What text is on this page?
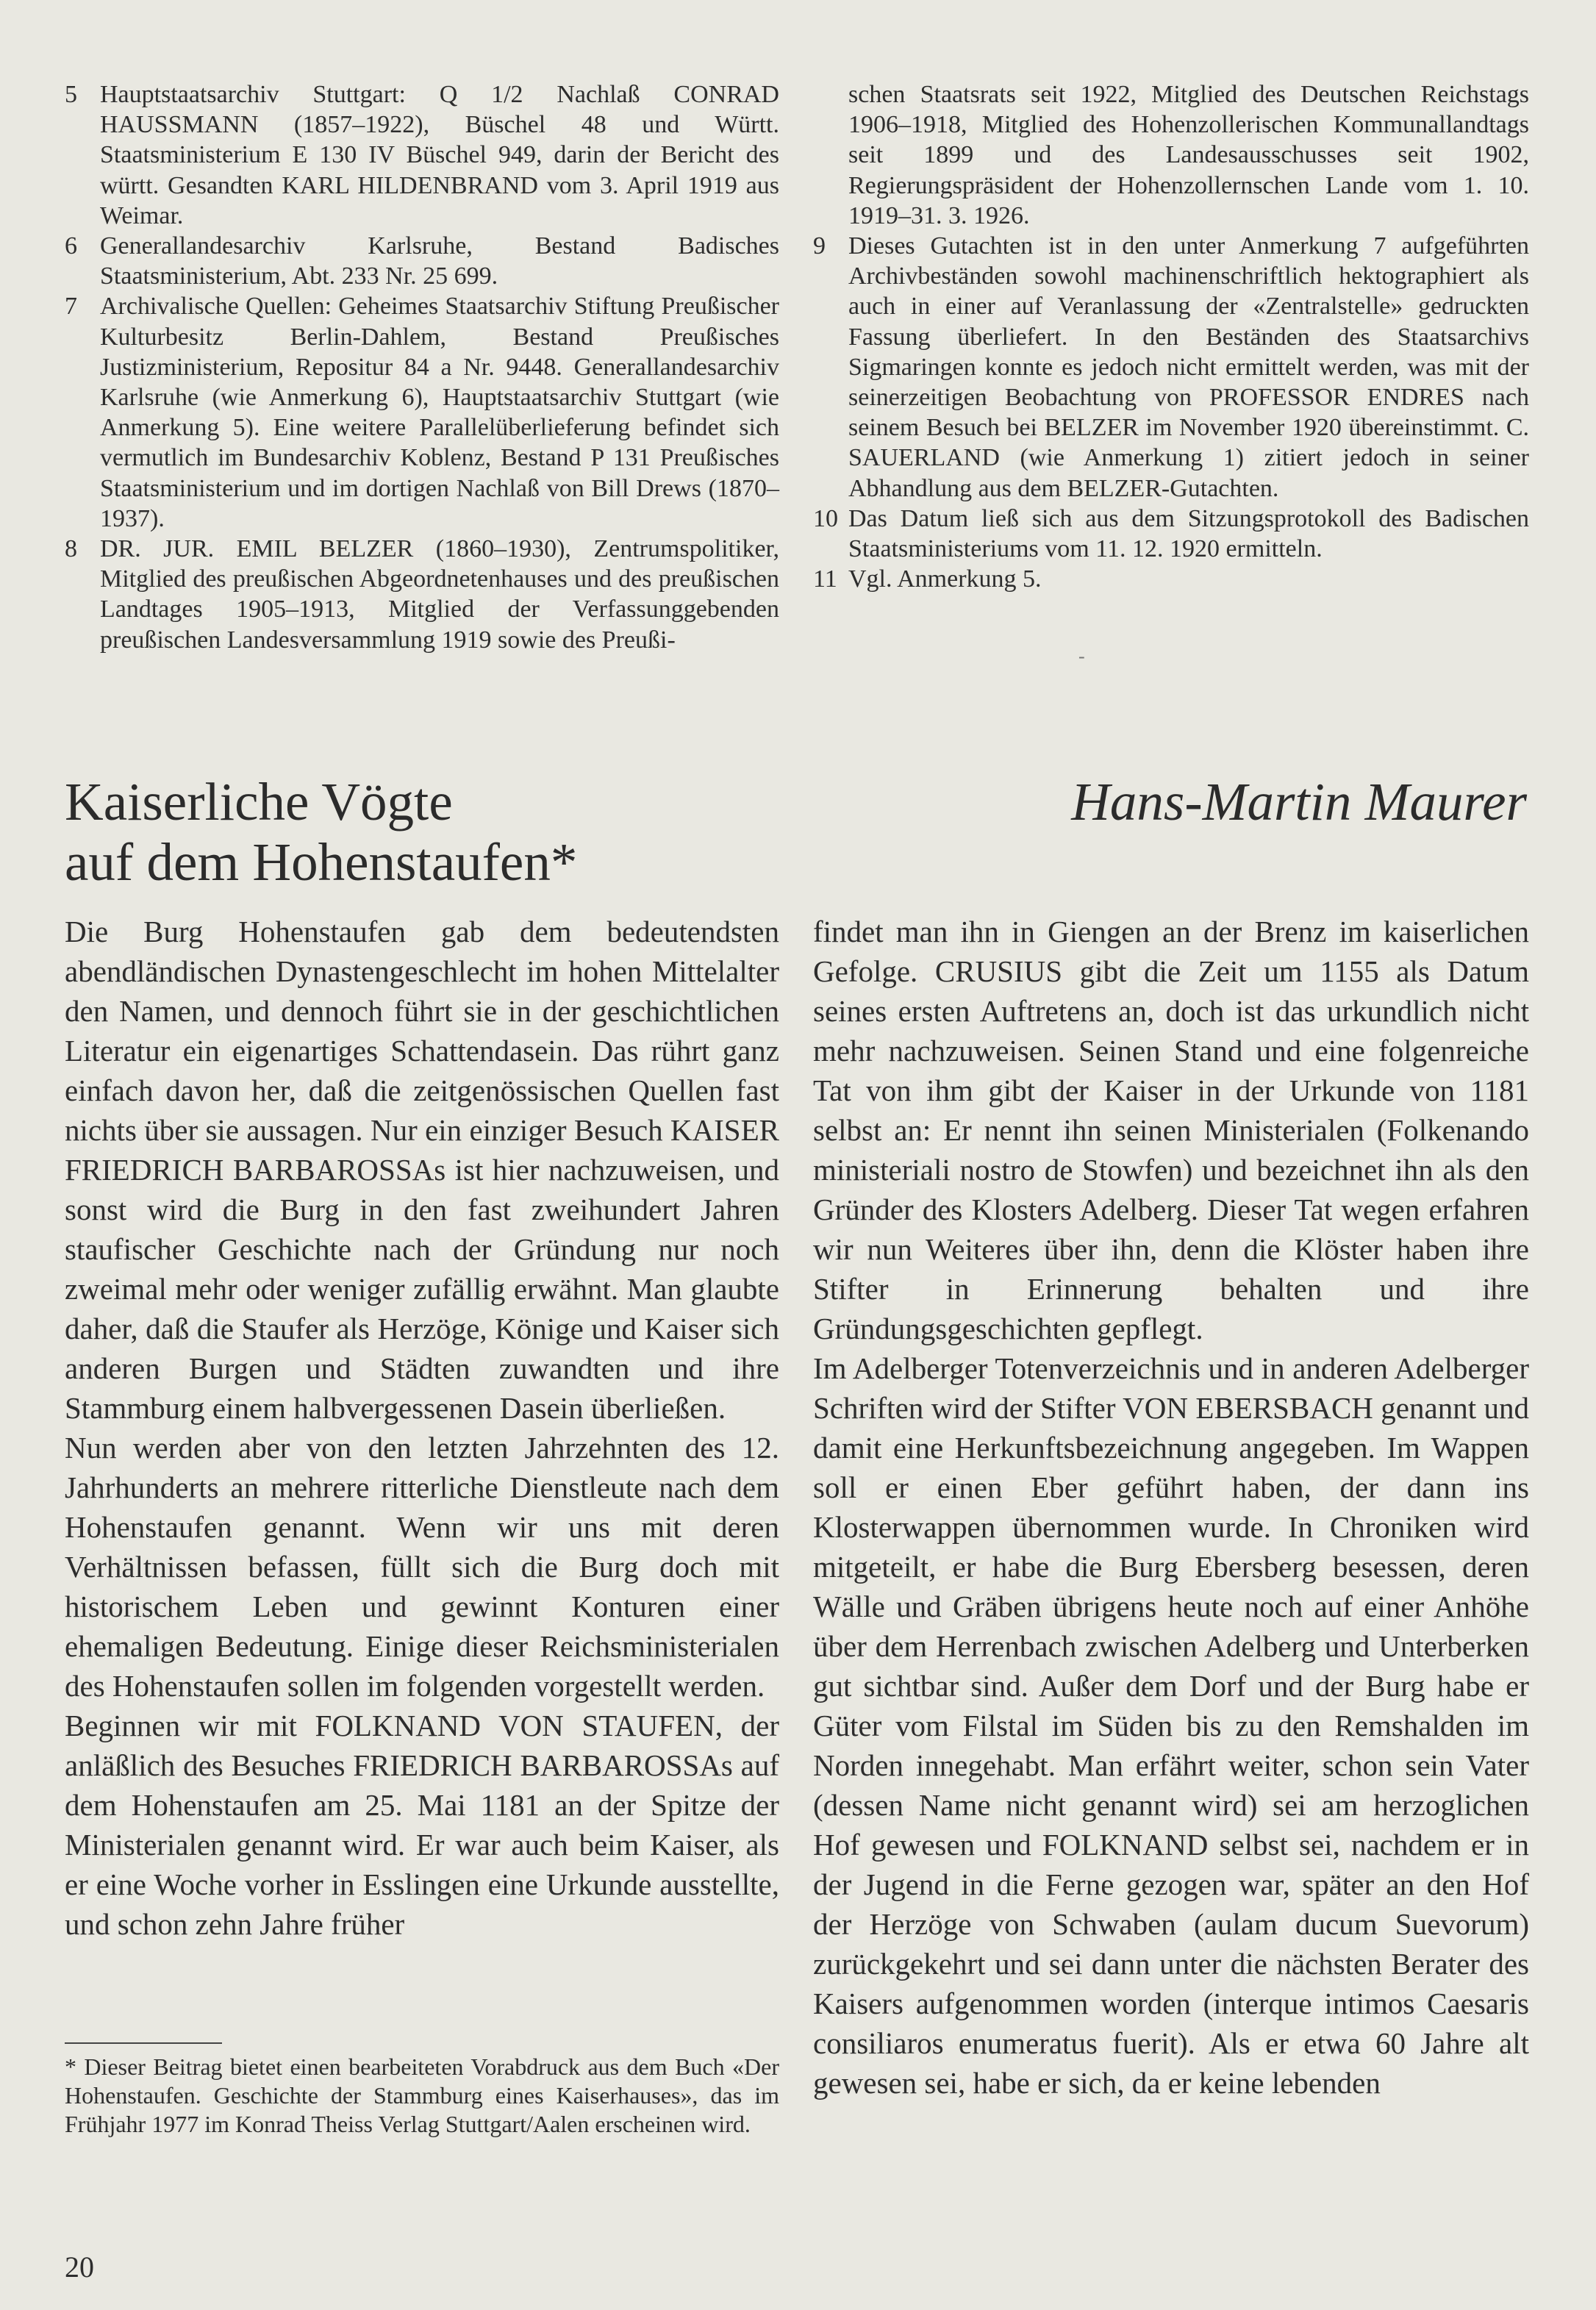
5 Hauptstaatsarchiv Stuttgart: Q 1/2 Nachlaß CONRAD HAUSSMANN (1857–1922), Büschel 48 und Württ. Staatsministerium E 130 IV Büschel 949, darin der Bericht des württ. Gesandten KARL HILDENBRAND vom 3. April 1919 aus Weimar.
6 Generallandesarchiv Karlsruhe, Bestand Badisches Staatsministerium, Abt. 233 Nr. 25 699.
7 Archivalische Quellen: Geheimes Staatsarchiv Stiftung Preußischer Kulturbesitz Berlin-Dahlem, Bestand Preußisches Justizministerium, Repositur 84 a Nr. 9448. Generallandesarchiv Karlsruhe (wie Anmerkung 6), Hauptstaatsarchiv Stuttgart (wie Anmerkung 5). Eine weitere Parallelüberlieferung befindet sich vermutlich im Bundesarchiv Koblenz, Bestand P 131 Preußisches Staatsministerium und im dortigen Nachlaß von Bill Drews (1870–1937).
8 DR. JUR. EMIL BELZER (1860–1930), Zentrumspolitiker, Mitglied des preußischen Abgeordnetenhauses und des preußischen Landtages 1905–1913, Mitglied der Verfassunggebenden preußischen Landesversammlung 1919 sowie des Preußi-
schen Staatsrats seit 1922, Mitglied des Deutschen Reichstags 1906–1918, Mitglied des Hohenzollerischen Kommunallandtags seit 1899 und des Landesausschusses seit 1902, Regierungspräsident der Hohenzollernschen Lande vom 1. 10. 1919–31. 3. 1926.
9 Dieses Gutachten ist in den unter Anmerkung 7 aufgeführten Archivbeständen sowohl machinenschriftlich hektographiert als auch in einer auf Veranlassung der «Zentralstelle» gedruckten Fassung überliefert. In den Beständen des Staatsarchivs Sigmaringen konnte es jedoch nicht ermittelt werden, was mit der seinerzeitigen Beobachtung von PROFESSOR ENDRES nach seinem Besuch bei BELZER im November 1920 übereinstimmt. C. SAUERLAND (wie Anmerkung 1) zitiert jedoch in seiner Abhandlung aus dem BELZER-Gutachten.
10 Das Datum ließ sich aus dem Sitzungsprotokoll des Badischen Staatsministeriums vom 11. 12. 1920 ermitteln.
11 Vgl. Anmerkung 5.
-
Kaiserliche Vögte
auf dem Hohenstaufen*
Hans-Martin Maurer

Die Burg Hohenstaufen gab dem bedeutendsten abendländischen Dynastengeschlecht im hohen Mittelalter den Namen, und dennoch führt sie in der geschichtlichen Literatur ein eigenartiges Schattendasein. Das rührt ganz einfach davon her, daß die zeitgenössischen Quellen fast nichts über sie aussagen. Nur ein einziger Besuch KAISER FRIEDRICH BARBAROSSAs ist hier nachzuweisen, und sonst wird die Burg in den fast zweihundert Jahren staufischer Geschichte nach der Gründung nur noch zweimal mehr oder weniger zufällig erwähnt. Man glaubte daher, daß die Staufer als Herzöge, Könige und Kaiser sich anderen Burgen und Städten zuwandten und ihre Stammburg einem halbvergessenen Dasein überließen.

Nun werden aber von den letzten Jahrzehnten des 12. Jahrhunderts an mehrere ritterliche Dienstleute nach dem Hohenstaufen genannt. Wenn wir uns mit deren Verhältnissen befassen, füllt sich die Burg doch mit historischem Leben und gewinnt Konturen einer ehemaligen Bedeutung. Einige dieser Reichsministerialen des Hohenstaufen sollen im folgenden vorgestellt werden.

Beginnen wir mit FOLKNAND VON STAUFEN, der anläßlich des Besuches FRIEDRICH BARBAROSSAs auf dem Hohenstaufen am 25. Mai 1181 an der Spitze der Ministerialen genannt wird. Er war auch beim Kaiser, als er eine Woche vorher in Esslingen eine Urkunde ausstellte, und schon zehn Jahre früher

findet man ihn in Giengen an der Brenz im kaiserlichen Gefolge. CRUSIUS gibt die Zeit um 1155 als Datum seines ersten Auftretens an, doch ist das urkundlich nicht mehr nachzuweisen. Seinen Stand und eine folgenreiche Tat von ihm gibt der Kaiser in der Urkunde von 1181 selbst an: Er nennt ihn seinen Ministerialen (Folkenando ministeriali nostro de Stowfen) und bezeichnet ihn als den Gründer des Klosters Adelberg. Dieser Tat wegen erfahren wir nun Weiteres über ihn, denn die Klöster haben ihre Stifter in Erinnerung behalten und ihre Gründungsgeschichten gepflegt.

Im Adelberger Totenverzeichnis und in anderen Adelberger Schriften wird der Stifter VON EBERSBACH genannt und damit eine Herkunftsbezeichnung angegeben. Im Wappen soll er einen Eber geführt haben, der dann ins Klosterwappen übernommen wurde. In Chroniken wird mitgeteilt, er habe die Burg Ebersberg besessen, deren Wälle und Gräben übrigens heute noch auf einer Anhöhe über dem Herrenbach zwischen Adelberg und Unterberken gut sichtbar sind. Außer dem Dorf und der Burg habe er Güter vom Filstal im Süden bis zu den Remshalden im Norden innegehabt. Man erfährt weiter, schon sein Vater (dessen Name nicht genannt wird) sei am herzoglichen Hof gewesen und FOLKNAND selbst sei, nachdem er in der Jugend in die Ferne gezogen war, später an den Hof der Herzöge von Schwaben (aulam ducum Suevorum) zurückgekehrt und sei dann unter die nächsten Berater des Kaisers aufgenommen worden (interque intimos Caesaris consiliaros enumeratus fuerit). Als er etwa 60 Jahre alt gewesen sei, habe er sich, da er keine lebenden

* Dieser Beitrag bietet einen bearbeiteten Vorabdruck aus dem Buch «Der Hohenstaufen. Geschichte der Stammburg eines Kaiserhauses», das im Frühjahr 1977 im Konrad Theiss Verlag Stuttgart/Aalen erscheinen wird.
20
